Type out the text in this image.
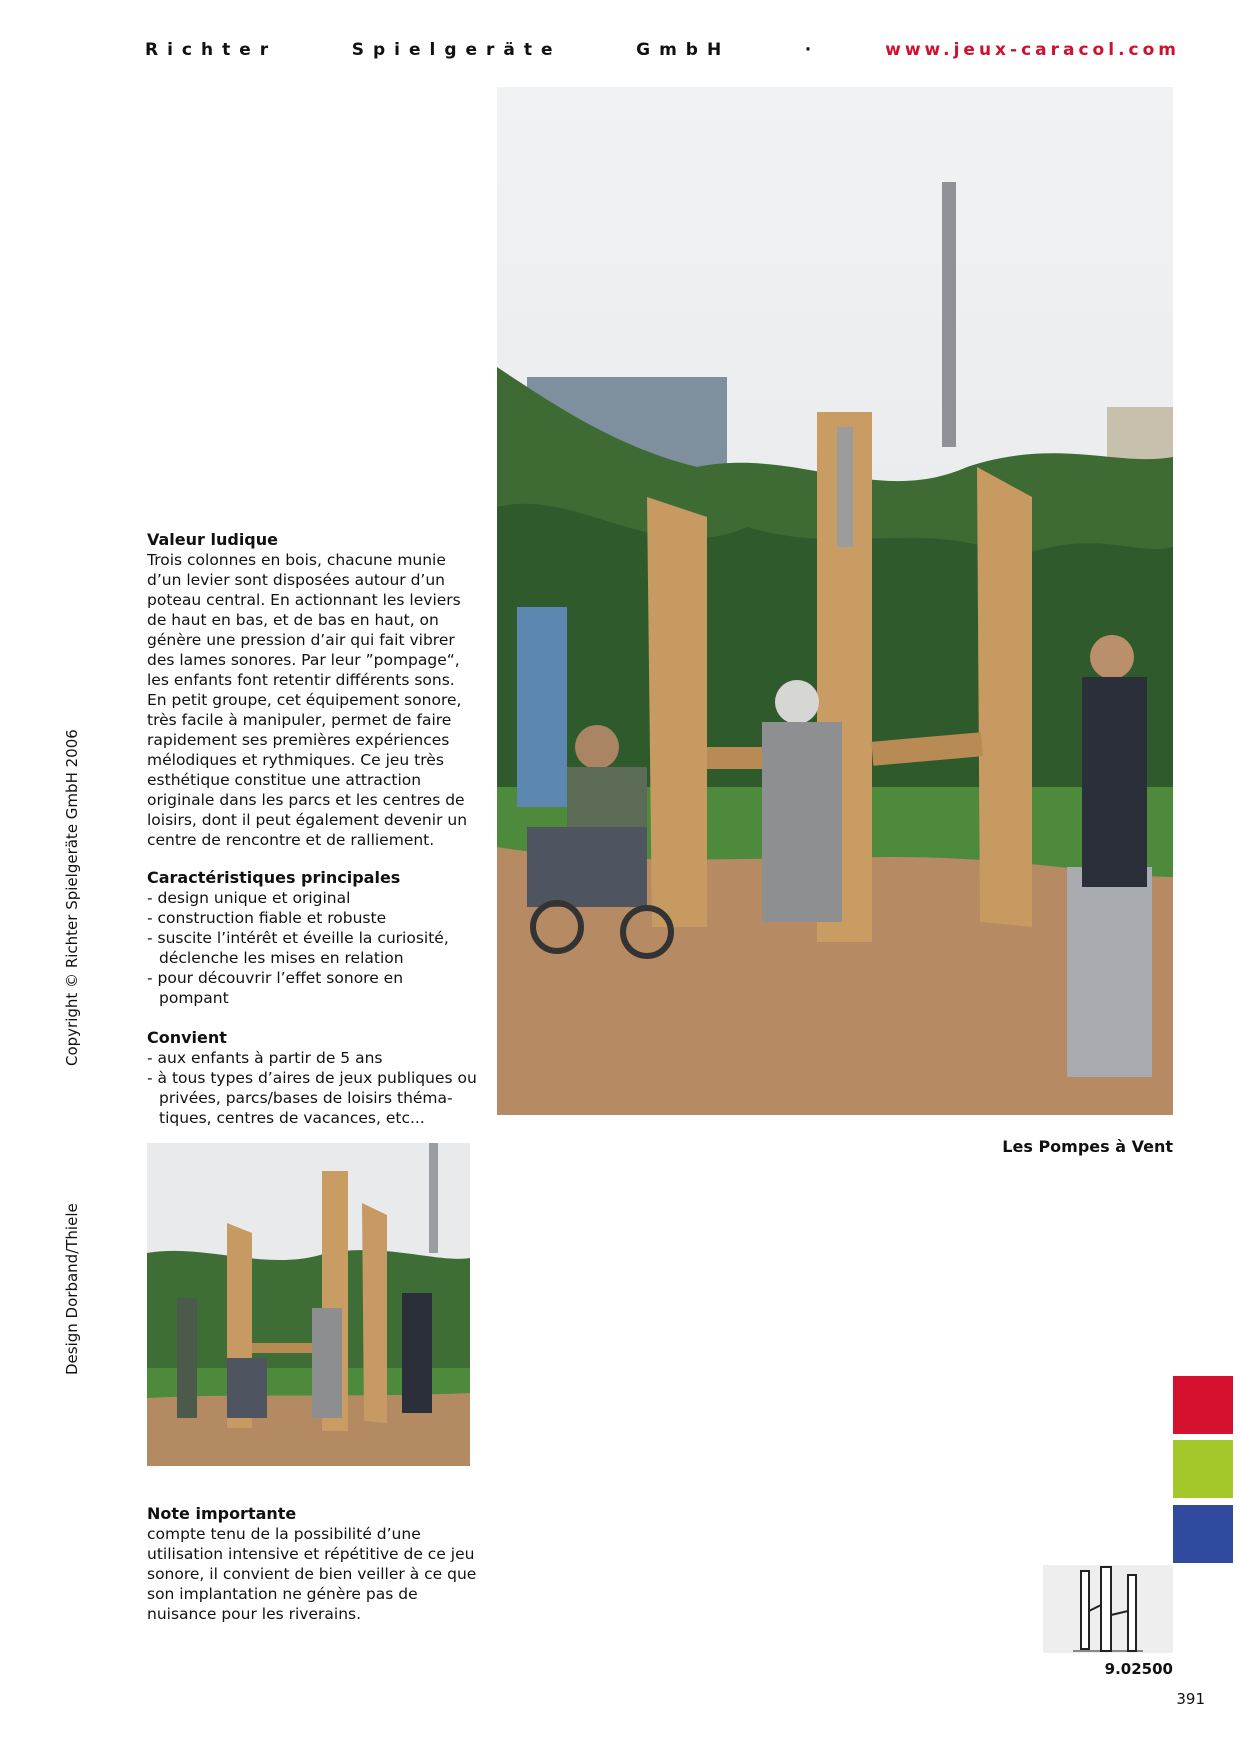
Richter     Spielgeräte     GmbH     ·	www.jeux-caracol.com
Valeur ludique

Trois colonnes en bois, chacune munie d’un levier sont disposées autour d’un poteau central. En actionnant les leviers de haut en bas, et de bas en haut, on génère une pression d’air qui fait vibrer des lames sonores. Par leur ”pompage“, les enfants font retentir différents sons. En petit groupe, cet équipement sonore, très facile à manipuler, permet de faire rapidement ses premières expériences mélodiques et rythmiques. Ce jeu très esthétique constitue une attraction originale dans les parcs et les centres de loisirs, dont il peut également devenir un centre de rencontre et de ralliement.

Caractéristiques principales
- design unique et original
- construction fiable et robuste
- suscite l’intérêt et éveille la curiosité, déclenche les mises en relation
- pour découvrir l’effet sonore en pompant
Convient
- aux enfants à partir de 5 ans
- à tous types d’aires de jeux publiques ou privées, parcs/bases de loisirs théma- tiques, centres de vacances, etc...
Les Pompes à Vent
Note importante

compte tenu de la possibilité d’une utilisation intensive et répétitive de ce jeu sonore, il convient de bien veiller à ce que son implantation ne génère pas de nuisance pour les riverains.

Copyright © Richter Spielgeräte GmbH 2006
Design Dorband/Thiele
9.02500
391
